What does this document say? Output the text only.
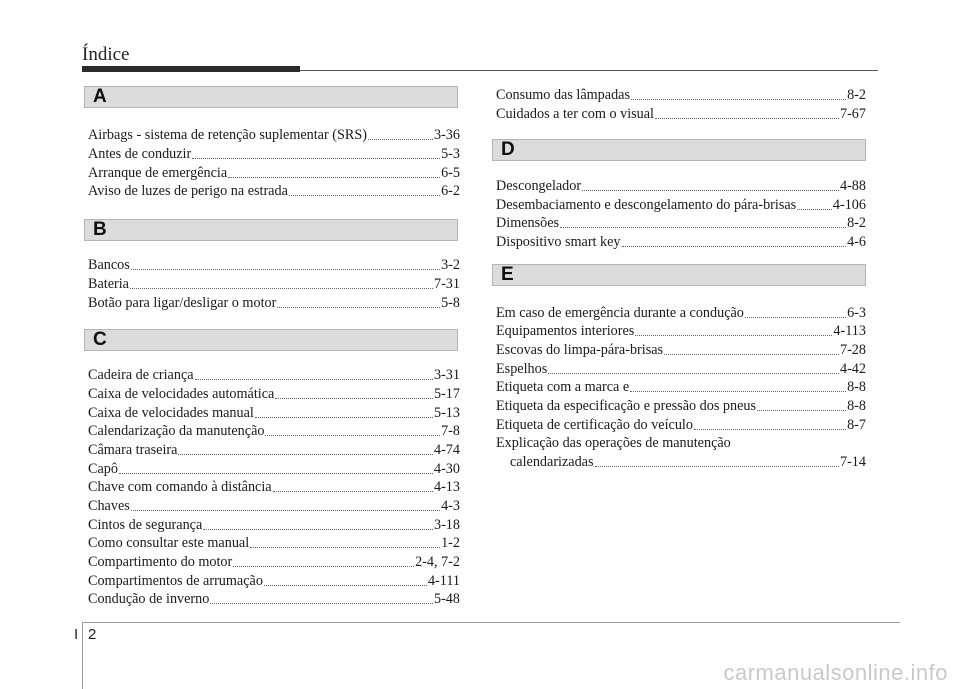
Índice
A
Airbags - sistema de retenção suplementar (SRS)	3-36
Antes de conduzir	5-3
Arranque de emergência	6-5
Aviso de luzes de perigo na estrada	6-2
B
Bancos	3-2
Bateria	7-31
Botão para ligar/desligar o motor	5-8
C
Cadeira de criança	3-31
Caixa de velocidades automática	5-17
Caixa de velocidades manual	5-13
Calendarização da manutenção	7-8
Câmara traseira	4-74
Capô	4-30
Chave com comando à distância	4-13
Chaves	4-3
Cintos de segurança	3-18
Como consultar este manual	1-2
Compartimento do motor	2-4, 7-2
Compartimentos de arrumação	4-111
Condução de inverno	5-48
Consumo das lâmpadas	8-2
Cuidados a ter com o visual	7-67
D
Descongelador	4-88
Desembaciamento e descongelamento do pára-brisas	4-106
Dimensões	8-2
Dispositivo smart key	4-6
E
Em caso de emergência durante a condução	6-3
Equipamentos interiores	4-113
Escovas do limpa-pára-brisas	7-28
Espelhos	4-42
Etiqueta com a marca e	8-8
Etiqueta da especificação e pressão dos pneus	8-8
Etiqueta de certificação do veículo	8-7
Explicação das operações de manutenção
calendarizadas	7-14
I 2
carmanualsonline.info
